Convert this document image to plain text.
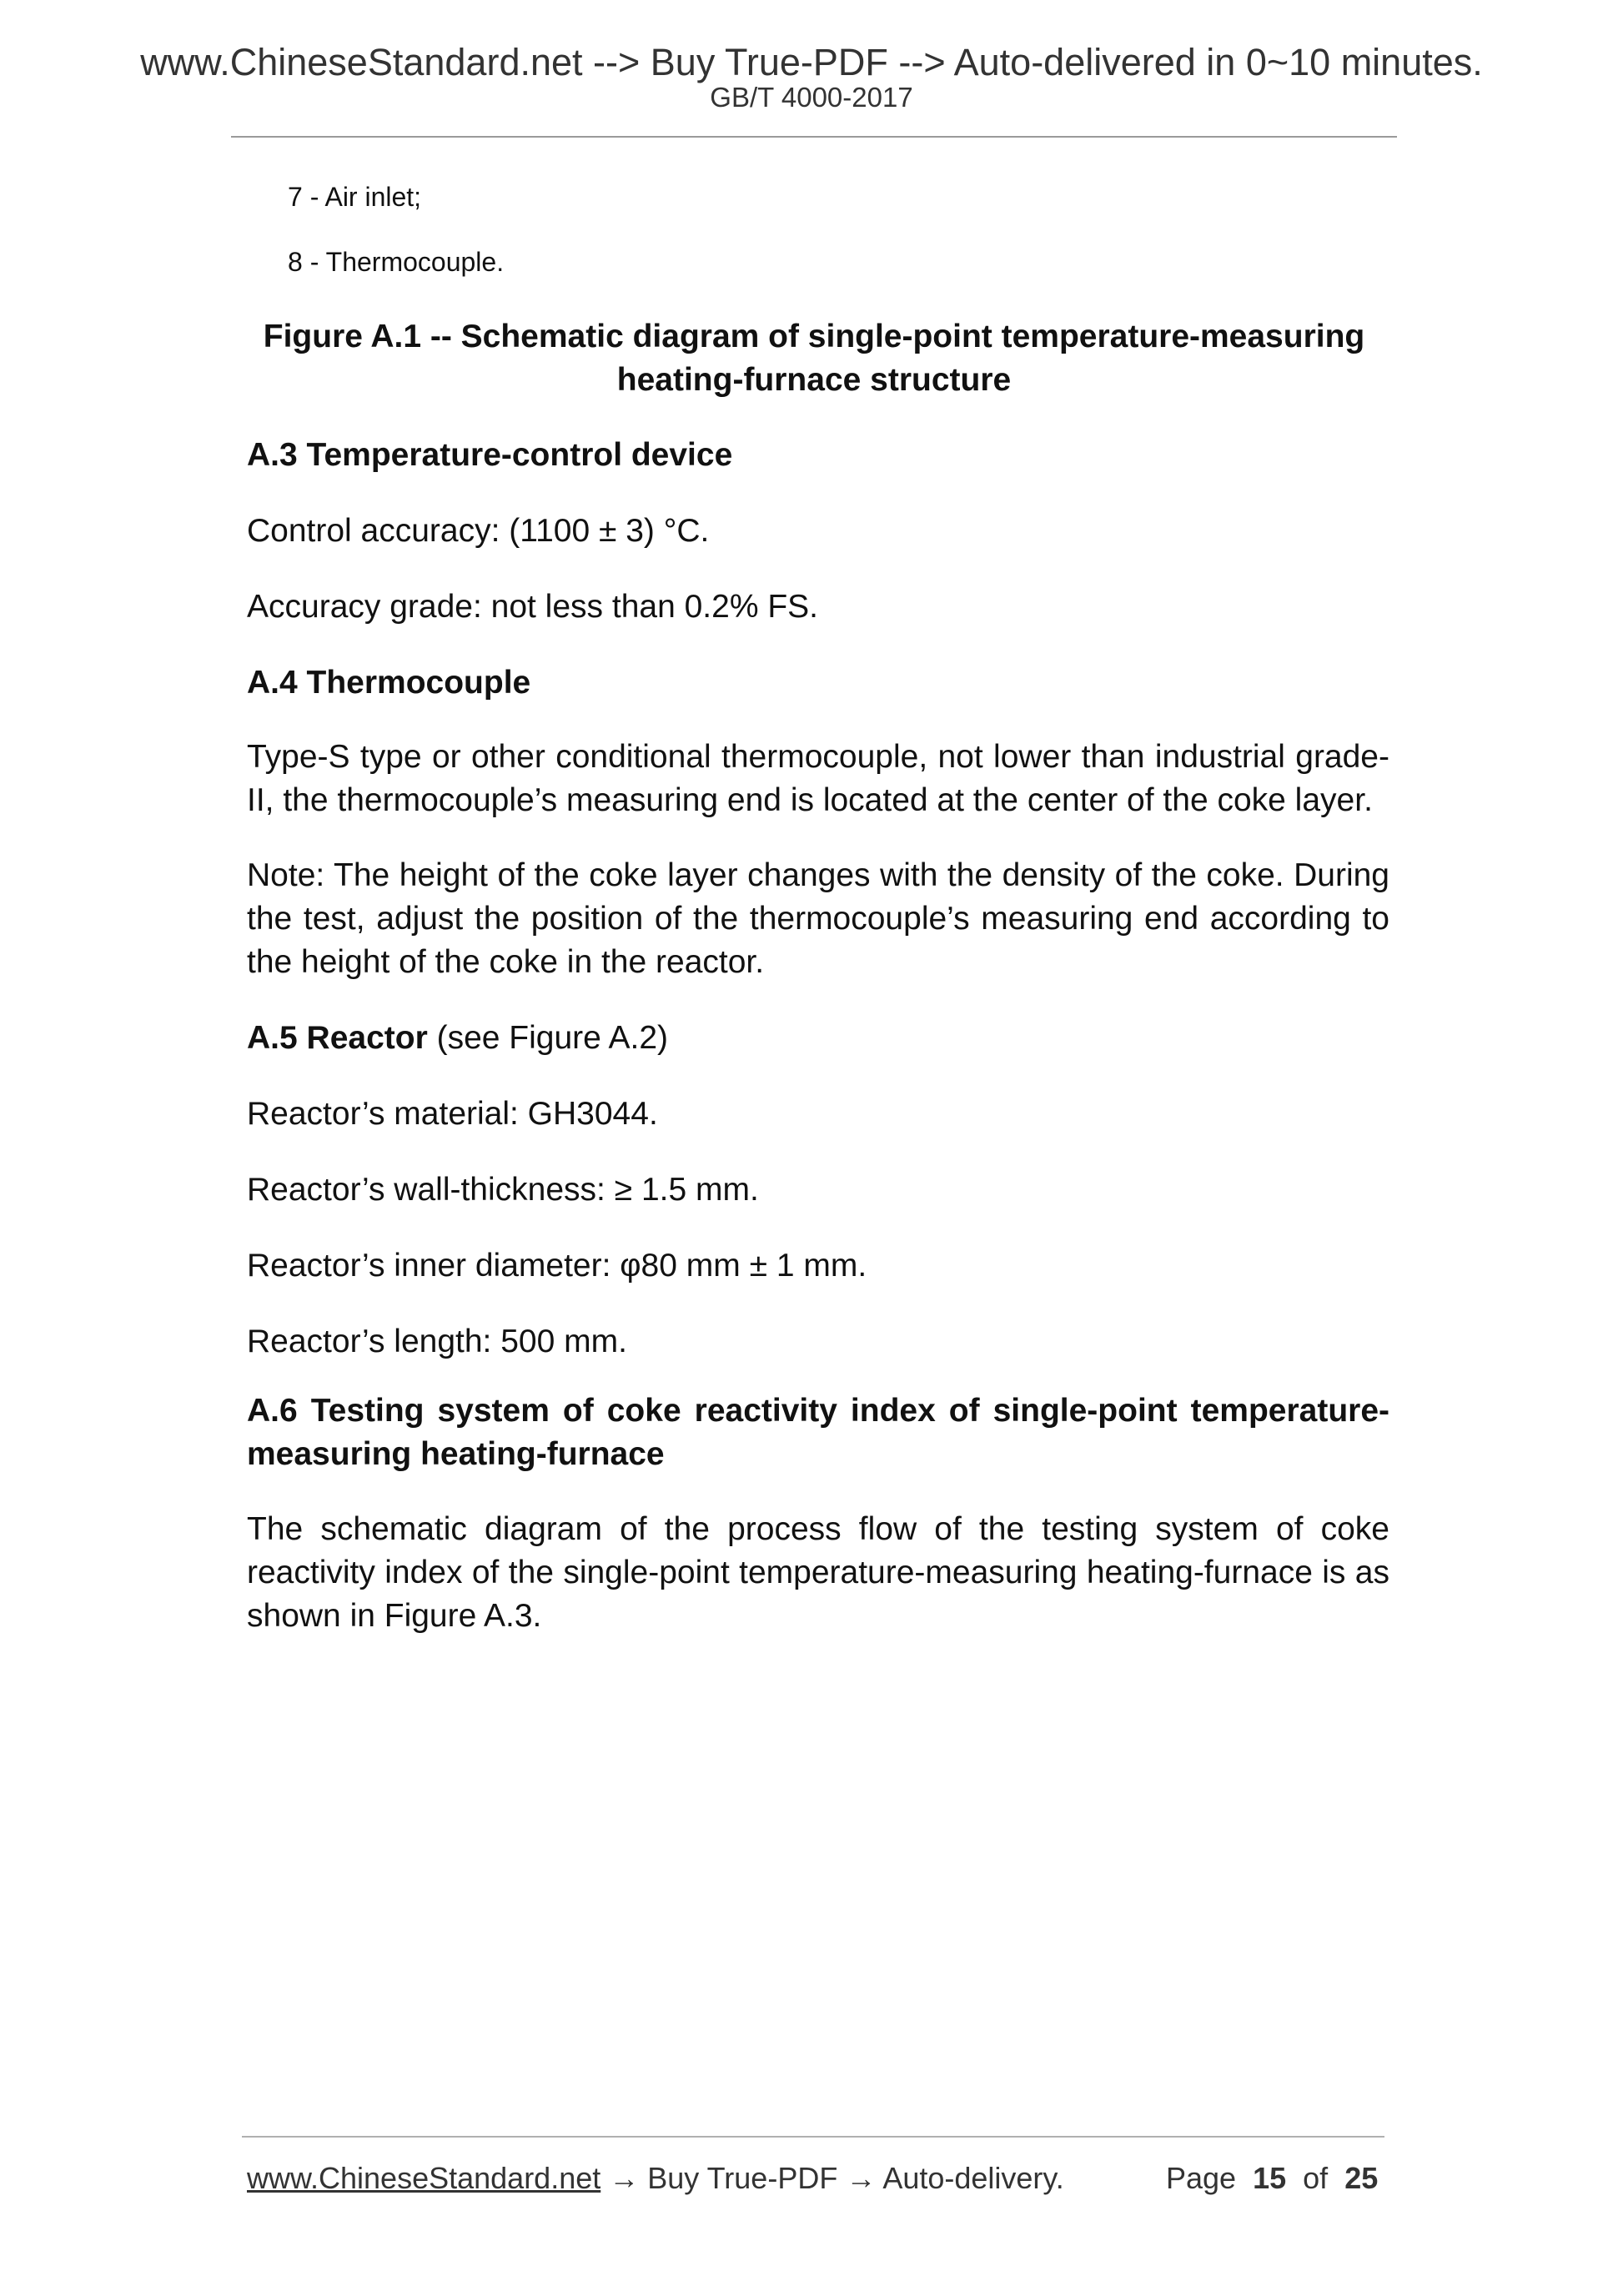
www.ChineseStandard.net --> Buy True-PDF --> Auto-delivered in 0~10 minutes.
GB/T 4000-2017
7 - Air inlet;
8 - Thermocouple.
Figure A.1 -- Schematic diagram of single-point temperature-measuring
heating-furnace structure
A.3 Temperature-control device
Control accuracy: (1100 ± 3) °C.
Accuracy grade: not less than 0.2% FS.
A.4 Thermocouple

Type-S type or other conditional thermocouple, not lower than industrial grade-II, the thermocouple’s measuring end is located at the center of the coke layer.

Note: The height of the coke layer changes with the density of the coke. During the test, adjust the position of the thermocouple’s measuring end according to the height of the coke in the reactor.

A.5 Reactor (see Figure A.2)
Reactor’s material: GH3044.
Reactor’s wall-thickness: ≥ 1.5 mm.
Reactor’s inner diameter: φ80 mm ± 1 mm.
Reactor’s length: 500 mm.
A.6 Testing system of coke reactivity index of single-point temperature-measuring heating-furnace

The schematic diagram of the process flow of the testing system of coke reactivity index of the single-point temperature-measuring heating-furnace is as shown in Figure A.3.

www.ChineseStandard.net → Buy True-PDF → Auto-delivery.	Page 15 of 25
